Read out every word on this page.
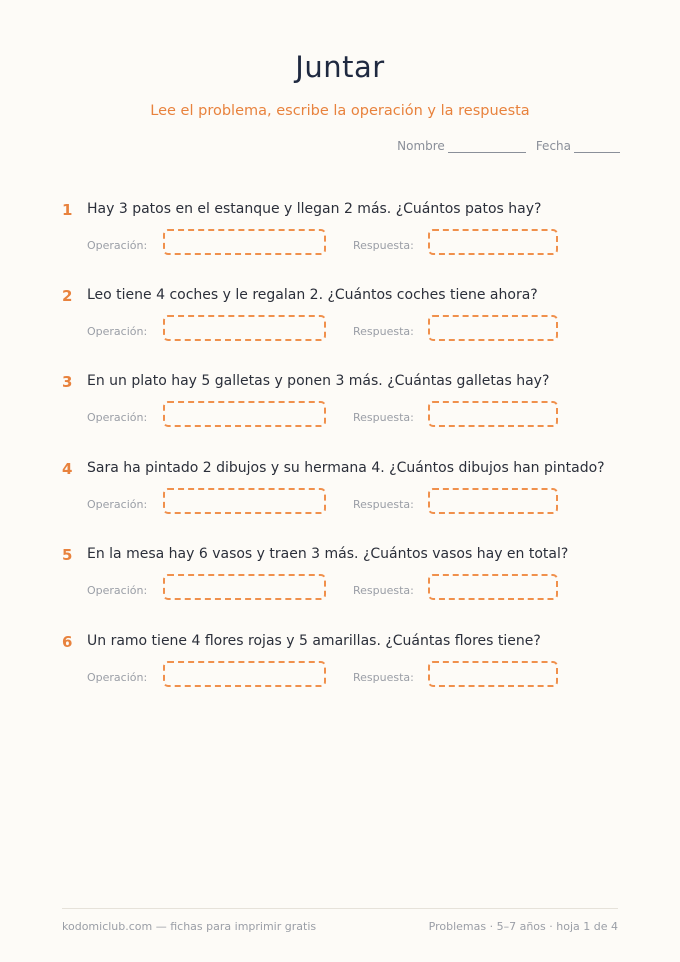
Juntar
Lee el problema, escribe la operación y la respuesta
Nombre	Fecha
1 Hay 3 patos en el estanque y llegan 2 más. ¿Cuántos patos hay?
Operación:	Respuesta:
2 Leo tiene 4 coches y le regalan 2. ¿Cuántos coches tiene ahora?
Operación:	Respuesta:
3 En un plato hay 5 galletas y ponen 3 más. ¿Cuántas galletas hay?
Operación:	Respuesta:
4 Sara ha pintado 2 dibujos y su hermana 4. ¿Cuántos dibujos han pintado?
Operación:	Respuesta:
5 En la mesa hay 6 vasos y traen 3 más. ¿Cuántos vasos hay en total?
Operación:	Respuesta:
6 Un ramo tiene 4 flores rojas y 5 amarillas. ¿Cuántas flores tiene?
Operación:	Respuesta:
kodomiclub.com — fichas para imprimir gratis	Problemas · 5–7 años · hoja 1 de 4
